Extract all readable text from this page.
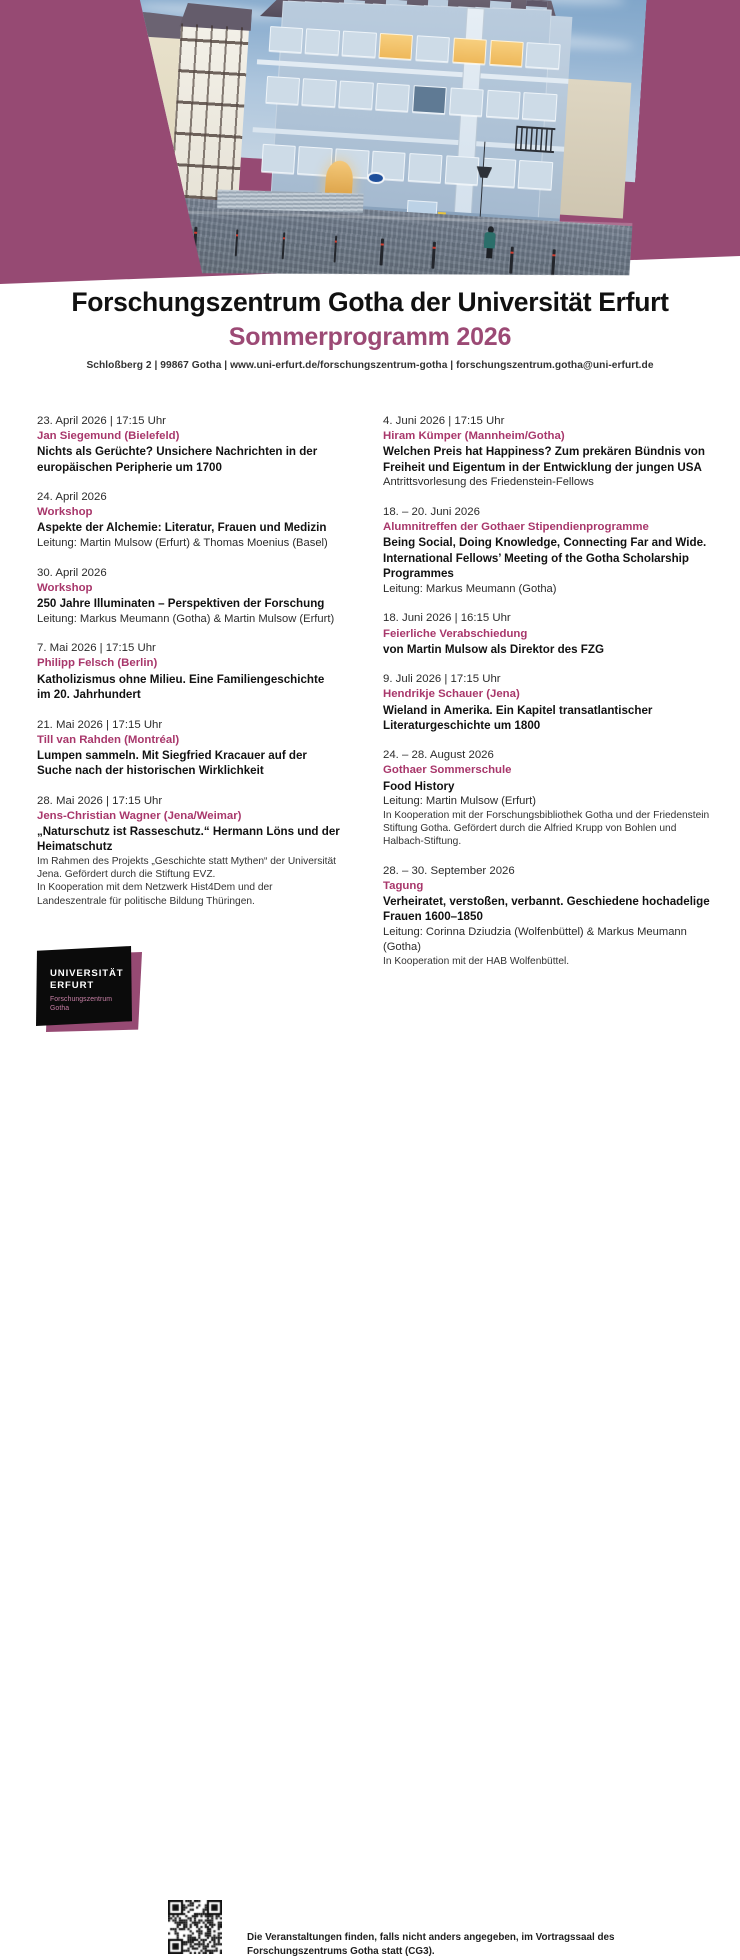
Forschungszentrum Gotha der Universität Erfurt
Sommerprogramm 2026
Schloßberg 2 | 99867 Gotha | www.uni-erfurt.de/forschungszentrum-gotha | forschungszentrum.gotha@uni-erfurt.de
23. April 2026 | 17:15 Uhr
Jan Siegemund (Bielefeld)
Nichts als Gerüchte? Unsichere Nachrichten in der europäischen Peripherie um 1700
24. April 2026
Workshop
Aspekte der Alchemie: Literatur, Frauen und Medizin
Leitung: Martin Mulsow (Erfurt) & Thomas Moenius (Basel)
30. April 2026
Workshop
250 Jahre Illuminaten – Perspektiven der Forschung
Leitung: Markus Meumann (Gotha) & Martin Mulsow (Erfurt)
7. Mai 2026 | 17:15 Uhr
Philipp Felsch (Berlin)
Katholizismus ohne Milieu. Eine Familiengeschichte im 20. Jahrhundert
21. Mai 2026 | 17:15 Uhr
Till van Rahden (Montréal)
Lumpen sammeln. Mit Siegfried Kracauer auf der Suche nach der historischen Wirklichkeit
28. Mai 2026 | 17:15 Uhr
Jens-Christian Wagner (Jena/Weimar)
„Naturschutz ist Rasseschutz.“ Hermann Löns und der Heimatschutz
Im Rahmen des Projekts „Geschichte statt Mythen“ der Universität Jena. Gefördert durch die Stiftung EVZ.
In Kooperation mit dem Netzwerk Hist4Dem und der Landeszentrale für politische Bildung Thüringen.
4. Juni 2026 | 17:15 Uhr
Hiram Kümper (Mannheim/Gotha)
Welchen Preis hat Happiness? Zum prekären Bündnis von Freiheit und Eigentum in der Entwicklung der jungen USA
Antrittsvorlesung des Friedenstein-Fellows
18. – 20. Juni 2026
Alumnitreffen der Gothaer Stipendienprogramme
Being Social, Doing Knowledge, Connecting Far and Wide. International Fellows’ Meeting of the Gotha Scholarship Programmes
Leitung: Markus Meumann (Gotha)
18. Juni 2026 | 16:15 Uhr
Feierliche Verabschiedung
von Martin Mulsow als Direktor des FZG
9. Juli 2026 | 17:15 Uhr
Hendrikje Schauer (Jena)
Wieland in Amerika. Ein Kapitel transatlantischer Literaturgeschichte um 1800
24. – 28. August 2026
Gothaer Sommerschule
Food History
Leitung: Martin Mulsow (Erfurt)
In Kooperation mit der Forschungsbibliothek Gotha und der Friedenstein Stiftung Gotha. Gefördert durch die Alfried Krupp von Bohlen und Halbach-Stiftung.
28. – 30. September 2026
Tagung
Verheiratet, verstoßen, verbannt. Geschiedene hochadelige Frauen 1600–1850
Leitung: Corinna Dziudzia (Wolfenbüttel) & Markus Meumann (Gotha)
In Kooperation mit der HAB Wolfenbüttel.
UNIVERSITÄT
ERFURT
Forschungszentrum
Gotha
Die Veranstaltungen finden, falls nicht anders angegeben, im Vortragssaal des Forschungszentrums Gotha statt (CG3).
